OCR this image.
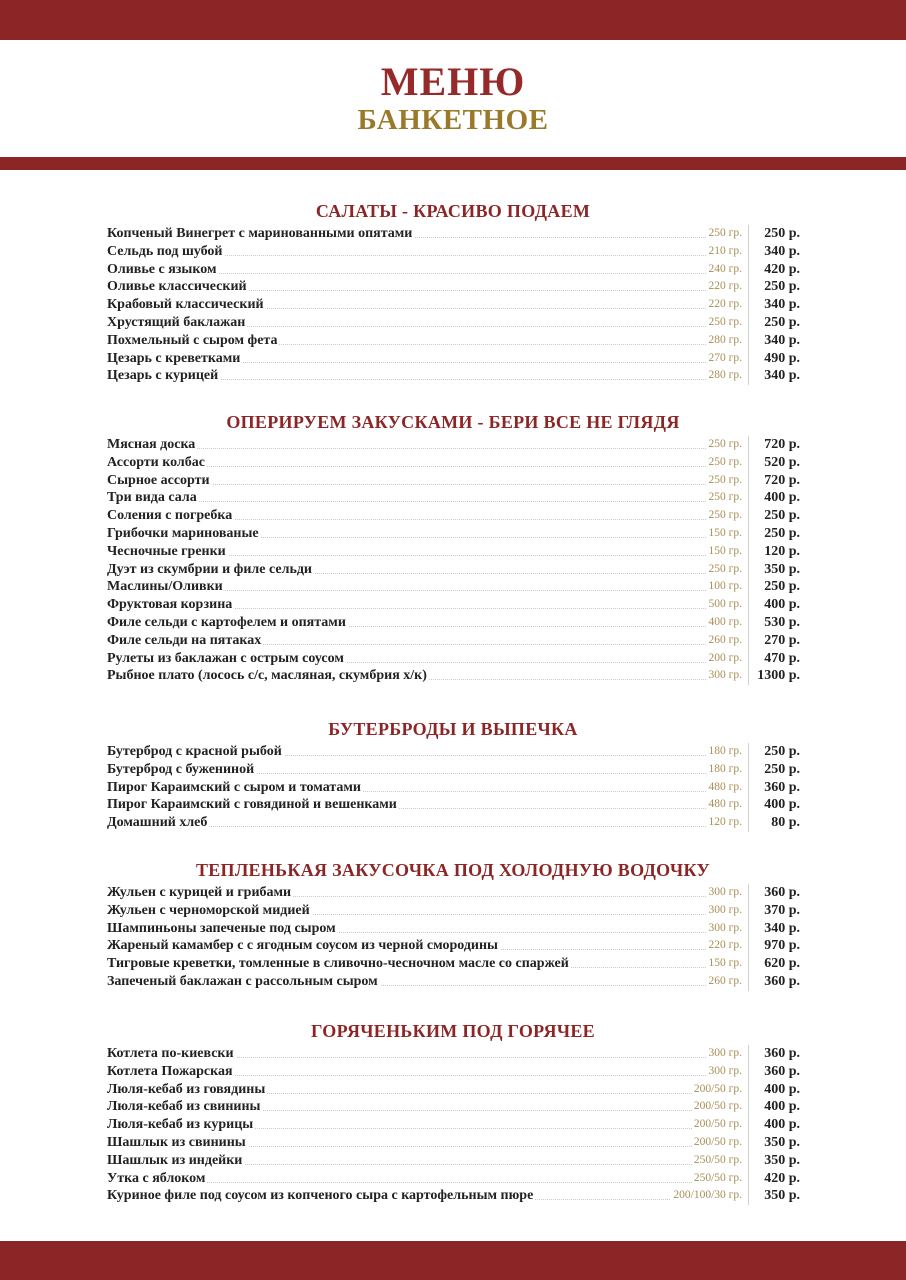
МЕНЮ
БАНКЕТНОЕ
САЛАТЫ - КРАСИВО ПОДАЕМ
Копченый Винегрет с маринованными опятами	250 гр. 250 р.
Сельдь под шубой	210 гр. 340 р.
Оливье с языком	240 гр. 420 р.
Оливье классический	220 гр. 250 р.
Крабовый классический	220 гр. 340 р.
Хрустящий баклажан	250 гр. 250 р.
Похмельный с сыром фета	280 гр. 340 р.
Цезарь с креветками	270 гр. 490 р.
Цезарь с курицей	280 гр. 340 р.
ОПЕРИРУЕМ ЗАКУСКАМИ - БЕРИ ВСЕ НЕ ГЛЯДЯ
Мясная доска	250 гр. 720 р.
Ассорти колбас	250 гр. 520 р.
Сырное ассорти	250 гр. 720 р.
Три вида сала	250 гр. 400 р.
Соления с погребка	250 гр. 250 р.
Грибочки маринованые	150 гр. 250 р.
Чесночные гренки	150 гр. 120 р.
Дуэт из скумбрии и филе сельди	250 гр. 350 р.
Маслины/Оливки	100 гр. 250 р.
Фруктовая корзина	500 гр. 400 р.
Филе сельди с картофелем и опятами	400 гр. 530 р.
Филе сельди на пятаках	260 гр. 270 р.
Рулеты из баклажан с острым соусом	200 гр. 470 р.
Рыбное плато (лосось с/с, масляная, скумбрия х/к)	300 гр. 1300 р.
БУТЕРБРОДЫ И ВЫПЕЧКА
Бутерброд с красной рыбой	180 гр. 250 р.
Бутерброд с бужениной	180 гр. 250 р.
Пирог Караимский с сыром и томатами	480 гр. 360 р.
Пирог Караимский с говядиной и вешенками	480 гр. 400 р.
Домашний хлеб	120 гр. 80 р.
ТЕПЛЕНЬКАЯ ЗАКУСОЧКА ПОД ХОЛОДНУЮ ВОДОЧКУ
Жульен с курицей и грибами	300 гр. 360 р.
Жульен с черноморской мидией	300 гр. 370 р.
Шампиньоны запеченые под сыром	300 гр. 340 р.
Жареный камамбер с с ягодным соусом из черной смородины	220 гр. 970 р.
Тигровые креветки, томленные в сливочно-чесночном масле со спаржей	150 гр. 620 р.
Запеченый баклажан с рассольным сыром	260 гр. 360 р.
ГОРЯЧЕНЬКИМ ПОД ГОРЯЧЕЕ
Котлета по-киевски	300 гр. 360 р.
Котлета Пожарская	300 гр. 360 р.
Люля-кебаб из говядины	200/50 гр. 400 р.
Люля-кебаб из свинины	200/50 гр. 400 р.
Люля-кебаб из курицы	200/50 гр. 400 р.
Шашлык из свинины	200/50 гр. 350 р.
Шашлык из индейки	250/50 гр. 350 р.
Утка с яблоком	250/50 гр. 420 р.
Куриное филе под соусом из копченого сыра с картофельным пюре	200/100/30 гр. 350 р.
